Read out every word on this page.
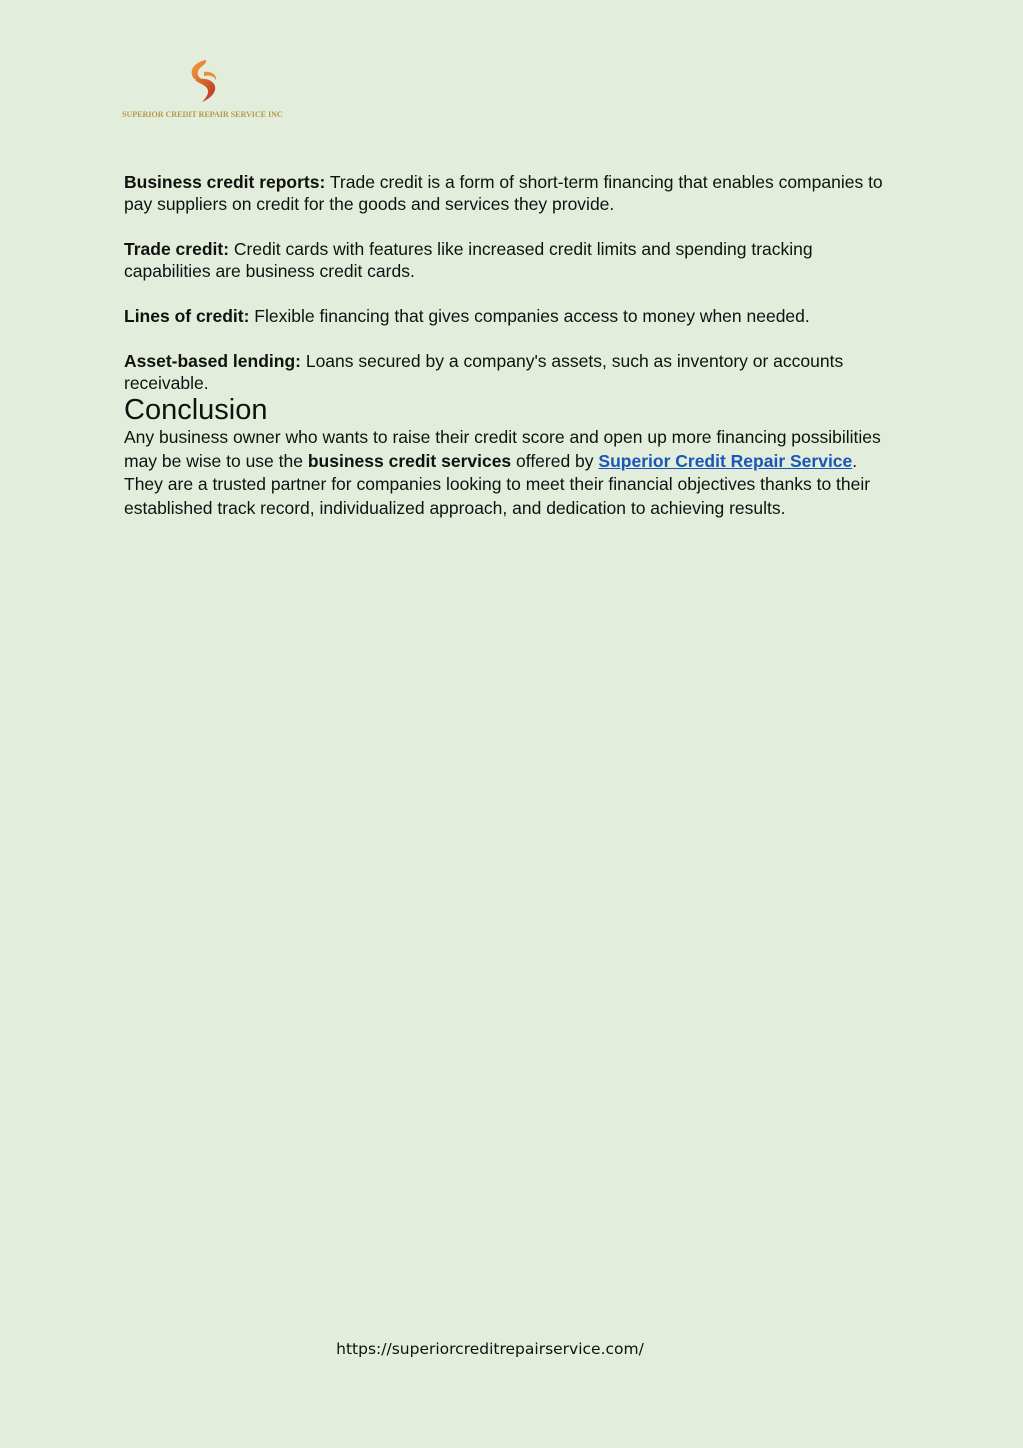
SUPERIOR CREDIT REPAIR SERVICE INC

Business credit reports: Trade credit is a form of short-term financing that enables companies to pay suppliers on credit for the goods and services they provide.

Trade credit: Credit cards with features like increased credit limits and spending tracking capabilities are business credit cards.

Lines of credit: Flexible financing that gives companies access to money when needed.

Asset-based lending: Loans secured by a company's assets, such as inventory or accounts receivable.

Conclusion

Any business owner who wants to raise their credit score and open up more financing possibilities may be wise to use the business credit services offered by Superior Credit Repair Service. They are a trusted partner for companies looking to meet their financial objectives thanks to their established track record, individualized approach, and dedication to achieving results.

https://superiorcreditrepairservice.com/
